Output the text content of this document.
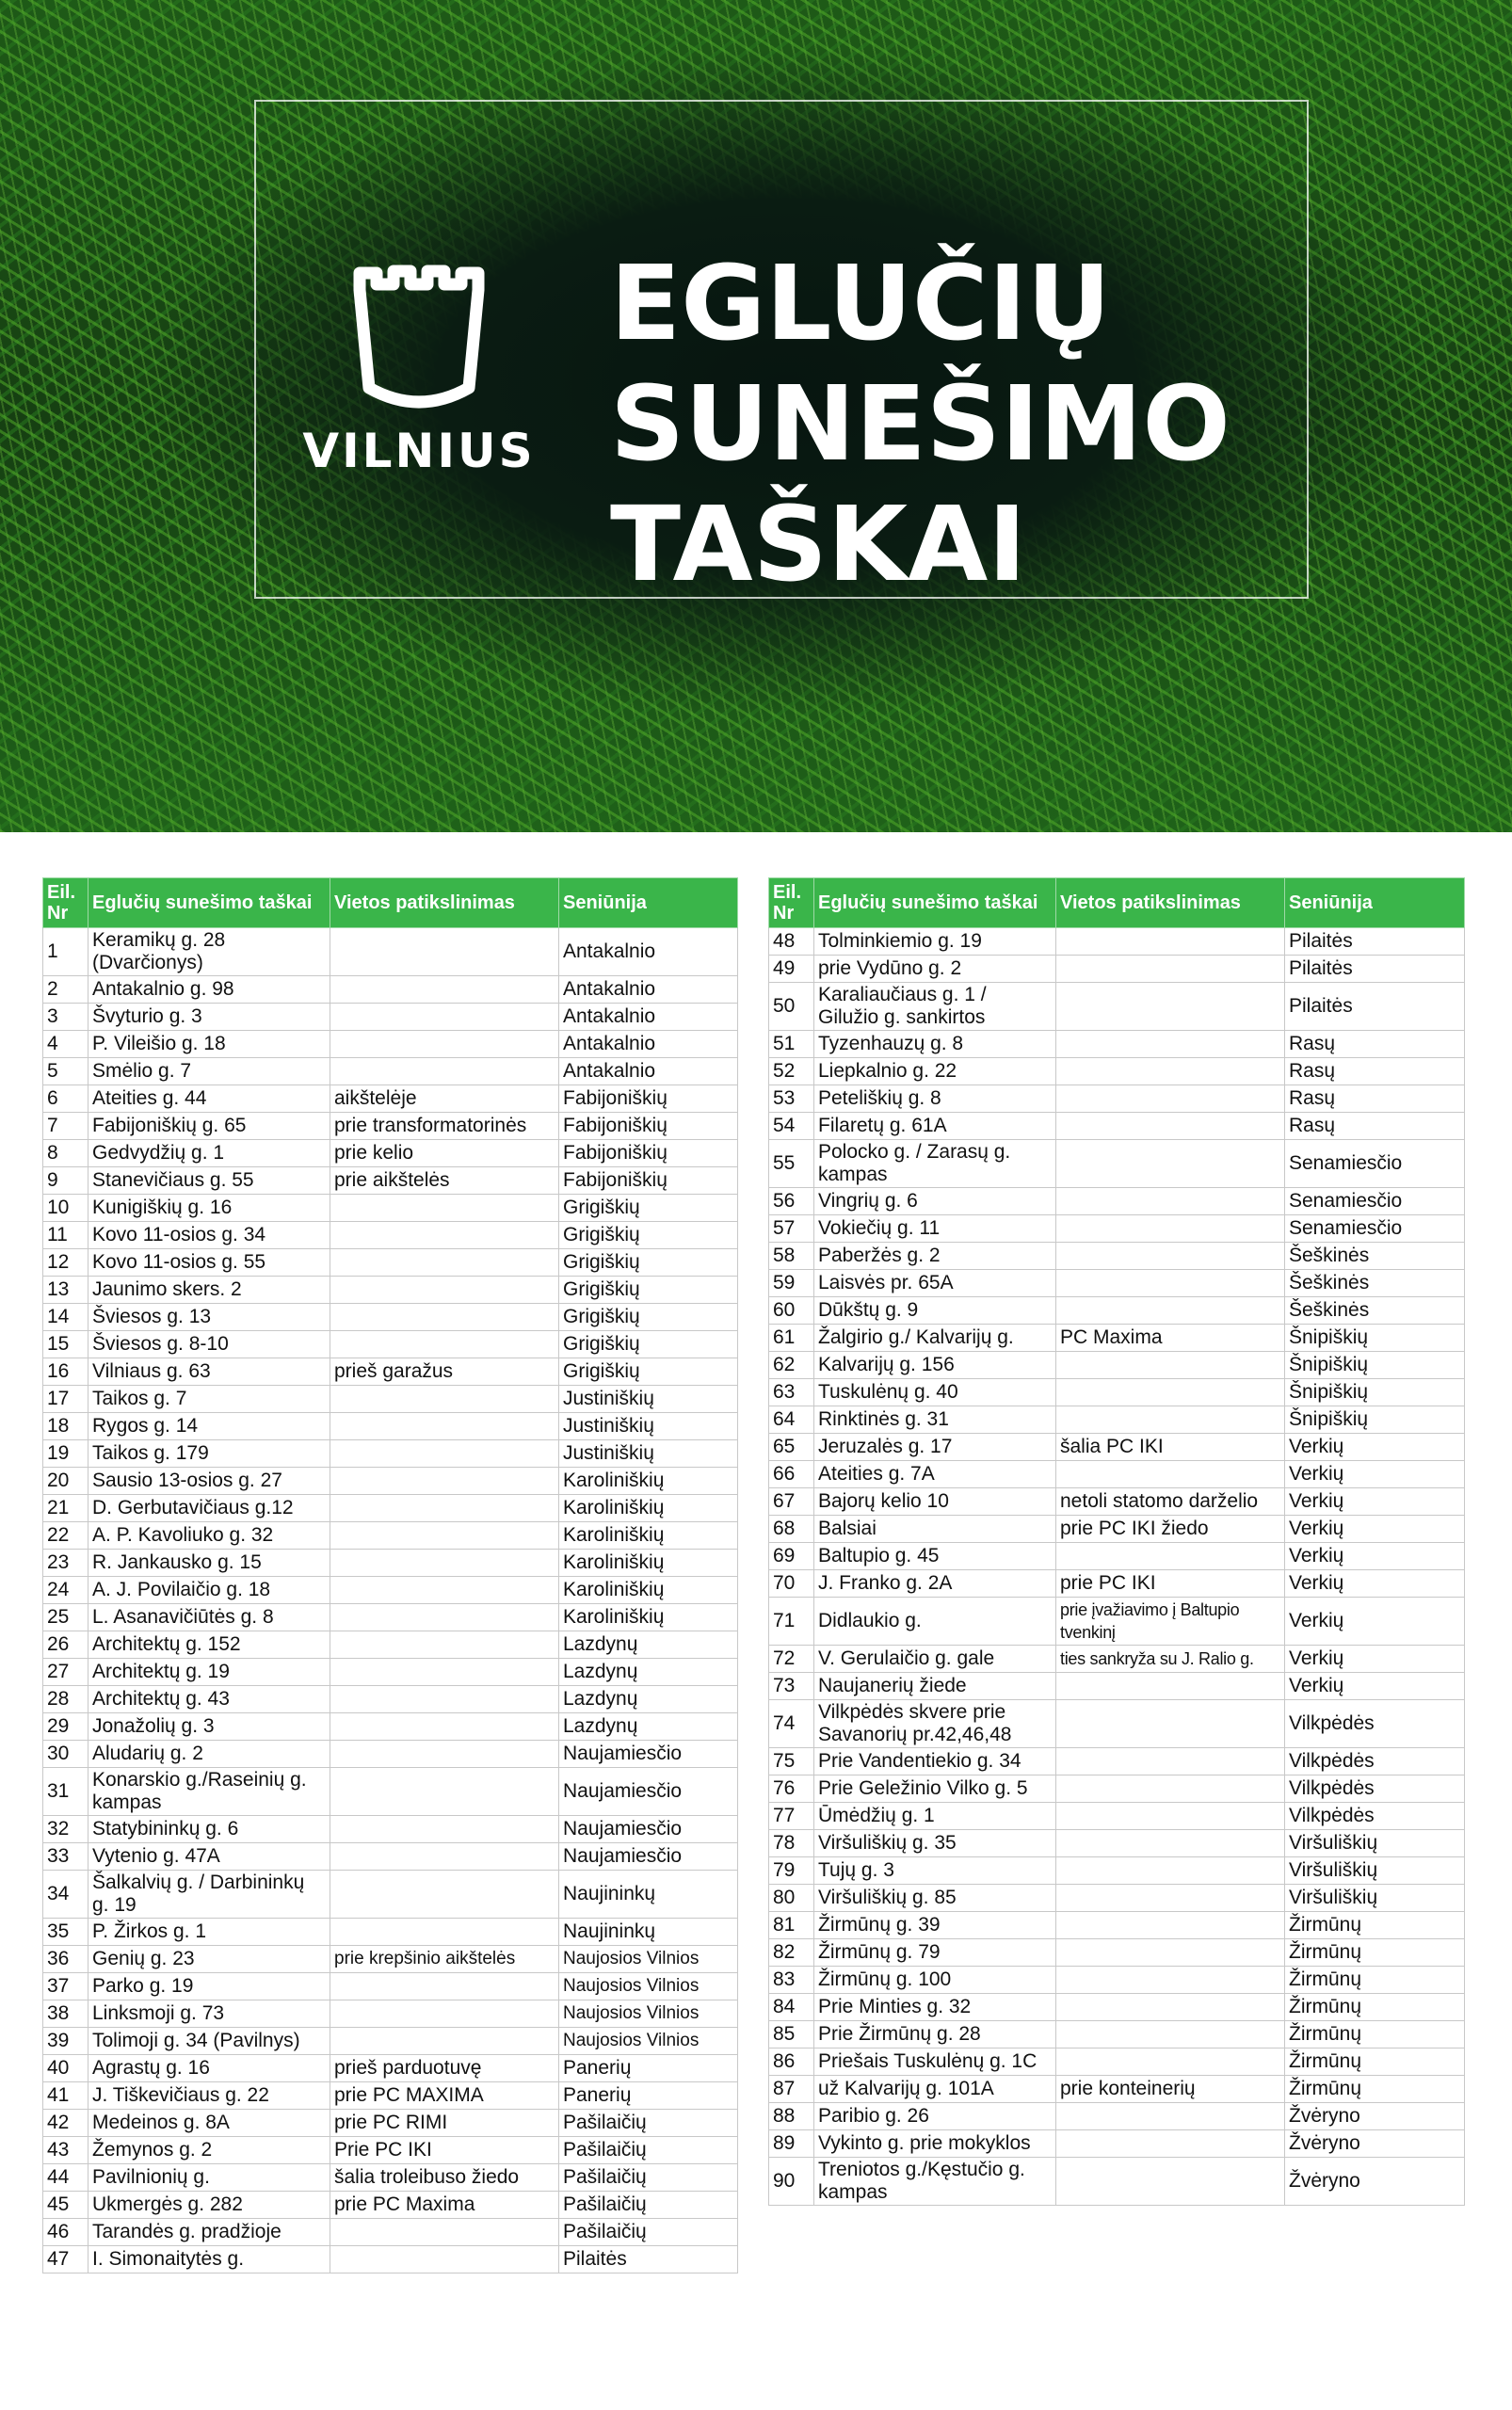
VILNIUS
EGLUČIŲ
SUNEŠIMO
TAŠKAI
Eil. Nr	Eglučių sunešimo taškai	Vietos patikslinimas	Seniūnija
1	Keramikų g. 28 (Dvarčionys)		Antakalnio
2	Antakalnio g. 98		Antakalnio
3	Švyturio g. 3		Antakalnio
4	P. Vileišio g. 18		Antakalnio
5	Smėlio g. 7		Antakalnio
6	Ateities g. 44	aikštelėje	Fabijoniškių
7	Fabijoniškių g. 65	prie transformatorinės	Fabijoniškių
8	Gedvydžių g. 1	prie kelio	Fabijoniškių
9	Stanevičiaus g. 55	prie aikštelės	Fabijoniškių
10	Kunigiškių g. 16		Grigiškių
11	Kovo 11-osios g. 34		Grigiškių
12	Kovo 11-osios g. 55		Grigiškių
13	Jaunimo skers. 2		Grigiškių
14	Šviesos g. 13		Grigiškių
15	Šviesos g. 8-10		Grigiškių
16	Vilniaus g. 63	prieš garažus	Grigiškių
17	Taikos g. 7		Justiniškių
18	Rygos g. 14		Justiniškių
19	Taikos g. 179		Justiniškių
20	Sausio 13-osios g. 27		Karoliniškių
21	D. Gerbutavičiaus g.12		Karoliniškių
22	A. P. Kavoliuko g. 32		Karoliniškių
23	R. Jankausko g. 15		Karoliniškių
24	A. J. Povilaičio g. 18		Karoliniškių
25	L. Asanavičiūtės g. 8		Karoliniškių
26	Architektų g. 152		Lazdynų
27	Architektų g. 19		Lazdynų
28	Architektų g. 43		Lazdynų
29	Jonažolių g. 3		Lazdynų
30	Aludarių g. 2		Naujamiesčio
31	Konarskio g./Raseinių g. kampas		Naujamiesčio
32	Statybininkų g. 6		Naujamiesčio
33	Vytenio g. 47A		Naujamiesčio
34	Šalkalvių g. / Darbininkų g. 19		Naujininkų
35	P. Žirkos g. 1		Naujininkų
36	Genių g. 23	prie krepšinio aikštelės	Naujosios Vilnios
37	Parko g. 19		Naujosios Vilnios
38	Linksmoji g. 73		Naujosios Vilnios
39	Tolimoji g. 34 (Pavilnys)		Naujosios Vilnios
40	Agrastų g. 16	prieš parduotuvę	Panerių
41	J. Tiškevičiaus g. 22	prie PC MAXIMA	Panerių
42	Medeinos g. 8A	prie PC RIMI	Pašilaičių
43	Žemynos g. 2	Prie PC IKI	Pašilaičių
44	Pavilnionių g.	šalia troleibuso žiedo	Pašilaičių
45	Ukmergės g. 282	prie PC Maxima	Pašilaičių
46	Tarandės g. pradžioje		Pašilaičių
47	I. Simonaitytės g.		Pilaitės
Eil. Nr	Eglučių sunešimo taškai	Vietos patikslinimas	Seniūnija
48	Tolminkiemio g. 19		Pilaitės
49	prie Vydūno g. 2		Pilaitės
50	Karaliaučiaus g. 1 / Gilužio g. sankirtos		Pilaitės
51	Tyzenhauzų g. 8		Rasų
52	Liepkalnio g. 22		Rasų
53	Peteliškių g. 8		Rasų
54	Filaretų g. 61A		Rasų
55	Polocko g. / Zarasų g. kampas		Senamiesčio
56	Vingrių g. 6		Senamiesčio
57	Vokiečių g. 11		Senamiesčio
58	Paberžės g. 2		Šeškinės
59	Laisvės pr. 65A		Šeškinės
60	Dūkštų g. 9		Šeškinės
61	Žalgirio g./ Kalvarijų g.	PC Maxima	Šnipiškių
62	Kalvarijų g. 156		Šnipiškių
63	Tuskulėnų g. 40		Šnipiškių
64	Rinktinės g. 31		Šnipiškių
65	Jeruzalės g. 17	šalia PC IKI	Verkių
66	Ateities g. 7A		Verkių
67	Bajorų kelio 10	netoli statomo darželio	Verkių
68	Balsiai	prie PC IKI žiedo	Verkių
69	Baltupio g. 45		Verkių
70	J. Franko g. 2A	prie PC IKI	Verkių
71	Didlaukio g.	prie įvažiavimo į Baltupio tvenkinį	Verkių
72	V. Gerulaičio g. gale	ties sankryža su J. Ralio g.	Verkių
73	Naujanerių žiede		Verkių
74	Vilkpėdės skvere prie Savanorių pr.42,46,48		Vilkpėdės
75	Prie Vandentiekio g. 34		Vilkpėdės
76	Prie Geležinio Vilko g. 5		Vilkpėdės
77	Ūmėdžių g. 1		Vilkpėdės
78	Viršuliškių g. 35		Viršuliškių
79	Tujų g. 3		Viršuliškių
80	Viršuliškių g. 85		Viršuliškių
81	Žirmūnų g. 39		Žirmūnų
82	Žirmūnų g. 79		Žirmūnų
83	Žirmūnų g. 100		Žirmūnų
84	Prie Minties g. 32		Žirmūnų
85	Prie Žirmūnų g. 28		Žirmūnų
86	Priešais Tuskulėnų g. 1C		Žirmūnų
87	už Kalvarijų g. 101A	prie konteinerių	Žirmūnų
88	Paribio g. 26		Žvėryno
89	Vykinto g. prie mokyklos		Žvėryno
90	Treniotos g./Kęstučio g. kampas		Žvėryno
